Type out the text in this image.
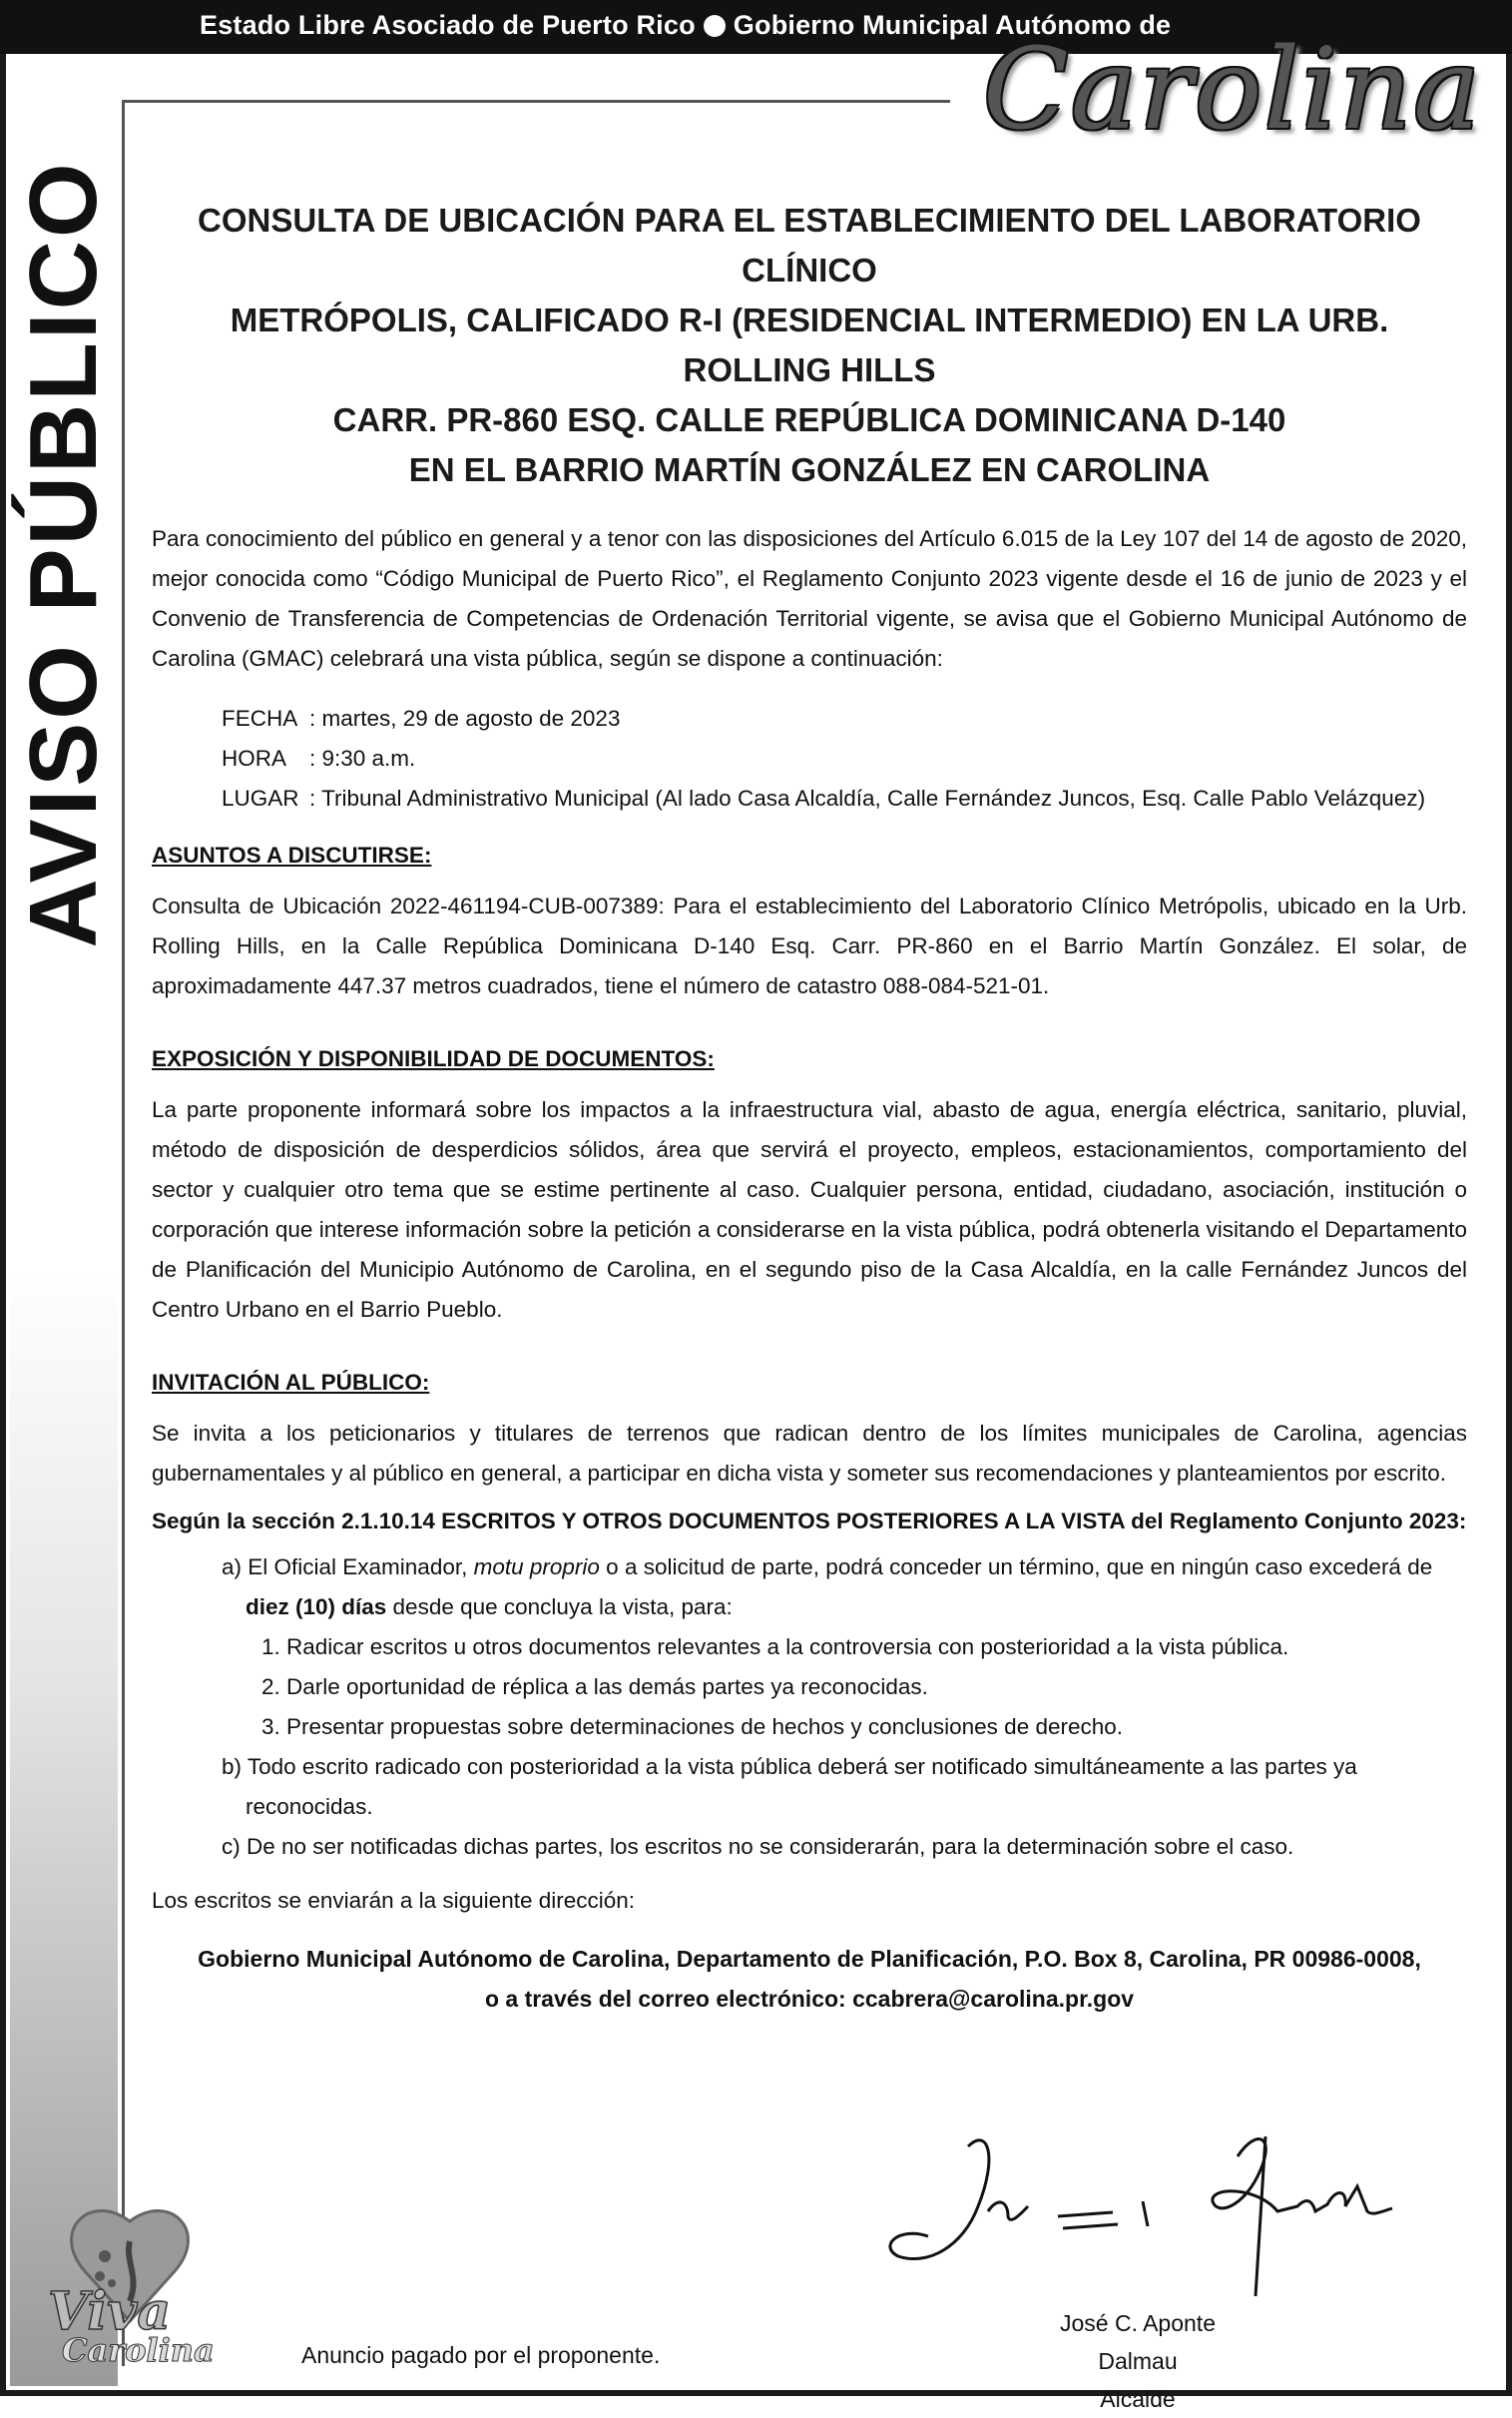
Estado Libre Asociado de Puerto Rico Gobierno Municipal Autónomo de
Carolina
AVISO PÚBLICO
Viva
Carolina
CONSULTA DE UBICACIÓN PARA EL ESTABLECIMIENTO DEL LABORATORIO CLÍNICO
METRÓPOLIS, CALIFICADO R-I (RESIDENCIAL INTERMEDIO) EN LA URB. ROLLING HILLS
CARR. PR-860 ESQ. CALLE REPÚBLICA DOMINICANA D-140
EN EL BARRIO MARTÍN GONZÁLEZ EN CAROLINA

Para conocimiento del público en general y a tenor con las disposiciones del Artículo 6.015 de la Ley 107 del 14 de agosto de 2020, mejor conocida como “Código Municipal de Puerto Rico”, el Reglamento Conjunto 2023 vigente desde el 16 de junio de 2023 y el Convenio de Transferencia de Competencias de Ordenación Territorial vigente, se avisa que el Gobierno Municipal Autónomo de Carolina (GMAC) celebrará una vista pública, según se dispone a continuación:

FECHA : martes, 29 de agosto de 2023
HORA	: 9:30 a.m.
LUGAR : Tribunal Administrativo Municipal (Al lado Casa Alcaldía, Calle Fernández Juncos, Esq. Calle Pablo Velázquez)
ASUNTOS A DISCUTIRSE:

Consulta de Ubicación 2022-461194-CUB-007389: Para el establecimiento del Laboratorio Clínico Metrópolis, ubicado en la Urb. Rolling Hills, en la Calle República Dominicana D-140 Esq. Carr. PR-860 en el Barrio Martín González. El solar, de aproximadamente 447.37 metros cuadrados, tiene el número de catastro 088-084-521-01.

EXPOSICIÓN Y DISPONIBILIDAD DE DOCUMENTOS:

La parte proponente informará sobre los impactos a la infraestructura vial, abasto de agua, energía eléctrica, sanitario, pluvial, método de disposición de desperdicios sólidos, área que servirá el proyecto, empleos, estacionamientos, comportamiento del sector y cualquier otro tema que se estime pertinente al caso. Cualquier persona, entidad, ciudadano, asociación, institución o corporación que interese información sobre la petición a considerarse en la vista pública, podrá obtenerla visitando el Departamento de Planificación del Municipio Autónomo de Carolina, en el segundo piso de la Casa Alcaldía, en la calle Fernández Juncos del Centro Urbano en el Barrio Pueblo.

INVITACIÓN AL PÚBLICO:

Se invita a los peticionarios y titulares de terrenos que radican dentro de los límites municipales de Carolina, agencias gubernamentales y al público en general, a participar en dicha vista y someter sus recomendaciones y planteamientos por escrito.

Según la sección 2.1.10.14 ESCRITOS Y OTROS DOCUMENTOS POSTERIORES A LA VISTA del Reglamento Conjunto 2023:
a) El Oficial Examinador, motu proprio o a solicitud de parte, podrá conceder un término, que en ningún caso excederá de
diez (10) días desde que concluya la vista, para:
1. Radicar escritos u otros documentos relevantes a la controversia con posterioridad a la vista pública.
2. Darle oportunidad de réplica a las demás partes ya reconocidas.
3. Presentar propuestas sobre determinaciones de hechos y conclusiones de derecho.
b) Todo escrito radicado con posterioridad a la vista pública deberá ser notificado simultáneamente a las partes ya
reconocidas.
c) De no ser notificadas dichas partes, los escritos no se considerarán, para la determinación sobre el caso.

Los escritos se enviarán a la siguiente dirección:

Gobierno Municipal Autónomo de Carolina, Departamento de Planificación, P.O. Box 8, Carolina, PR 00986-0008,
o a través del correo electrónico: ccabrera@carolina.pr.gov
José C. Aponte Dalmau
Alcalde
Anuncio pagado por el proponente.
